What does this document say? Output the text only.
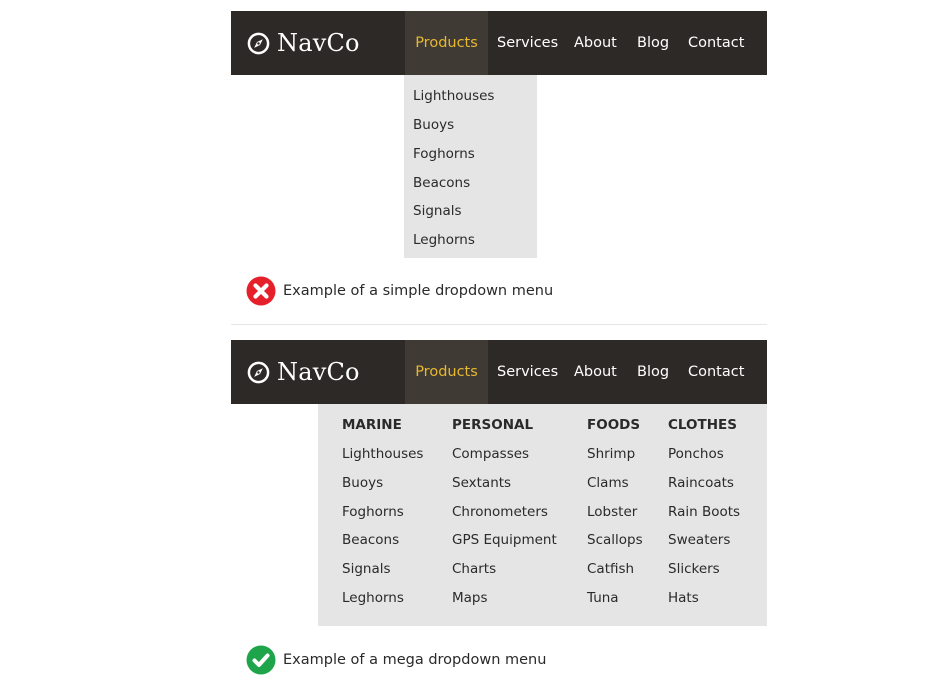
NavCo	Products	Services About Blog Contact
Lighthouses
Buoys
Foghorns
Beacons
Signals
Leghorns
Example of a simple dropdown menu
NavCo	Products	Services About Blog Contact
MARINE
Lighthouses
Buoys
Foghorns
Beacons
Signals
Leghorns
PERSONAL
Compasses
Sextants
Chronometers
GPS Equipment
Charts
Maps
FOODS
Shrimp
Clams
Lobster
Scallops
Catfish
Tuna
CLOTHES
Ponchos
Raincoats
Rain Boots
Sweaters
Slickers
Hats
Example of a mega dropdown menu
